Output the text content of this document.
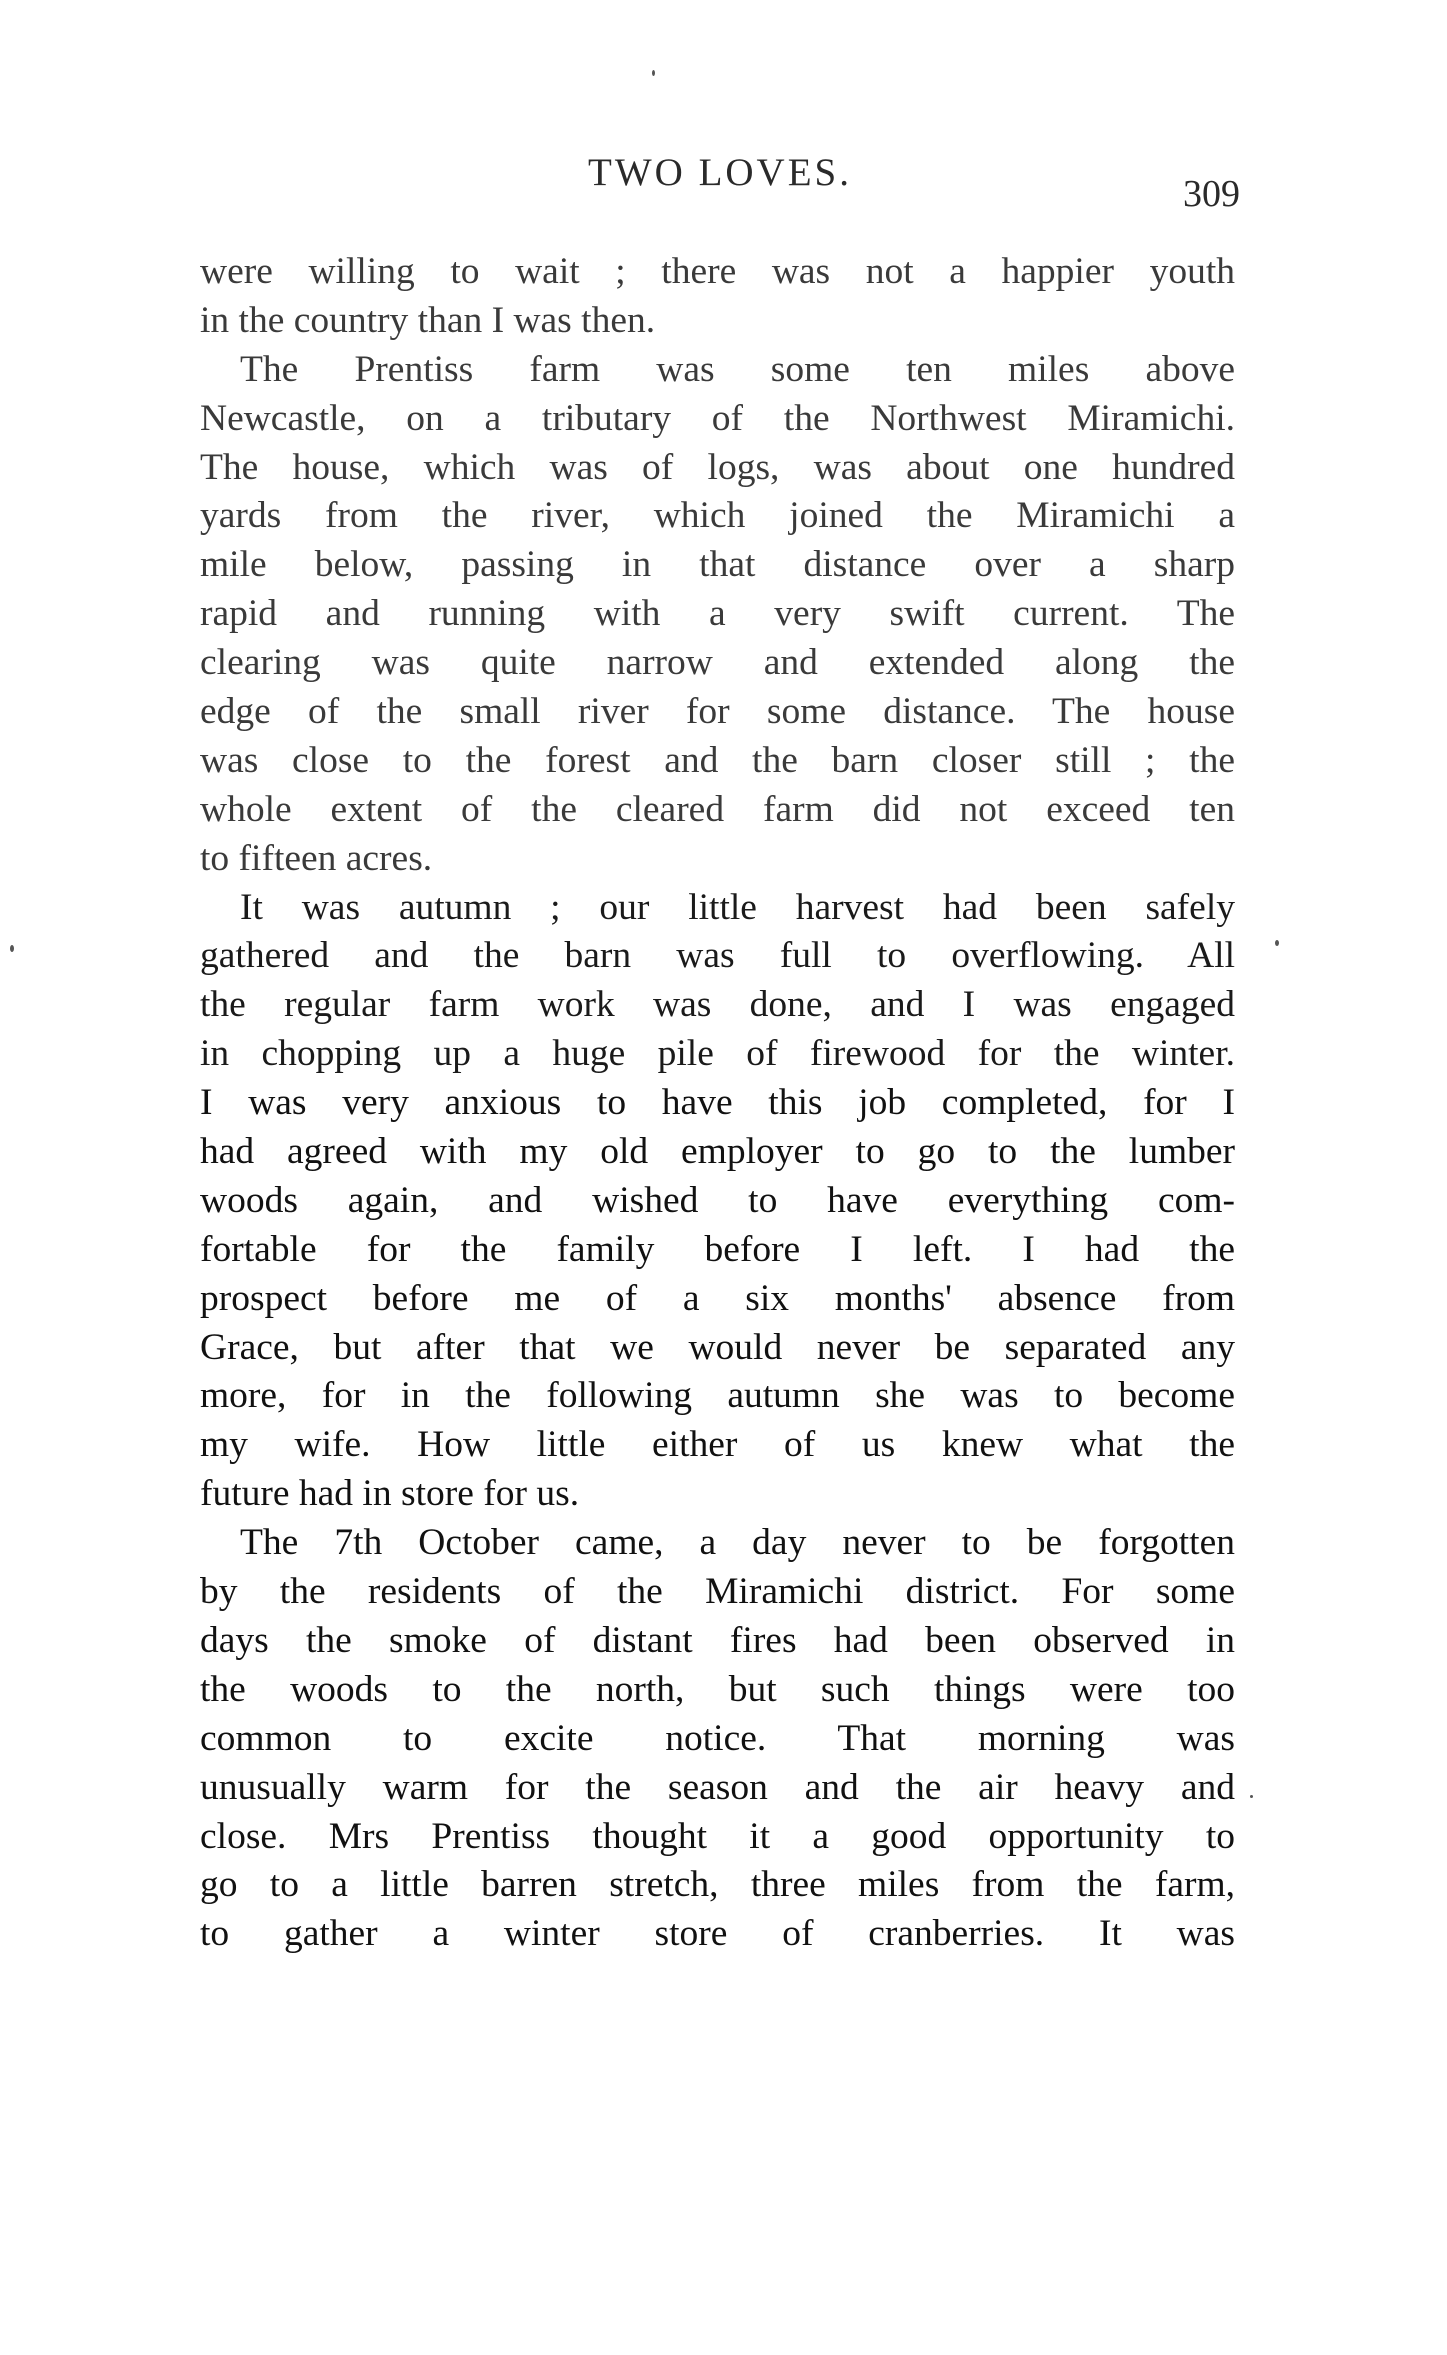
TWO LOVES.	309
were willing to wait ; there was not a happier youth
in the country than I was then.
The Prentiss farm was some ten miles above
Newcastle, on a tributary of the Northwest Miramichi.
The house, which was of logs, was about one hundred
yards from the river, which joined the Miramichi a
mile below, passing in that distance over a sharp
rapid and running with a very swift current. The
clearing was quite narrow and extended along the
edge of the small river for some distance. The house
was close to the forest and the barn closer still ; the
whole extent of the cleared farm did not exceed ten
to fifteen acres.
It was autumn ; our little harvest had been safely
gathered and the barn was full to overflowing. All
the regular farm work was done, and I was engaged
in chopping up a huge pile of firewood for the winter.
I was very anxious to have this job completed, for I
had agreed with my old employer to go to the lumber
woods again, and wished to have everything com-
fortable for the family before I left. I had the
prospect before me of a six months' absence from
Grace, but after that we would never be separated any
more, for in the following autumn she was to become
my wife. How little either of us knew what the
future had in store for us.
The 7th October came, a day never to be forgotten
by the residents of the Miramichi district. For some
days the smoke of distant fires had been observed in
the woods to the north, but such things were too
common to excite notice. That morning was
unusually warm for the season and the air heavy and
close. Mrs Prentiss thought it a good opportunity to
go to a little barren stretch, three miles from the farm,
to gather a winter store of cranberries. It was
